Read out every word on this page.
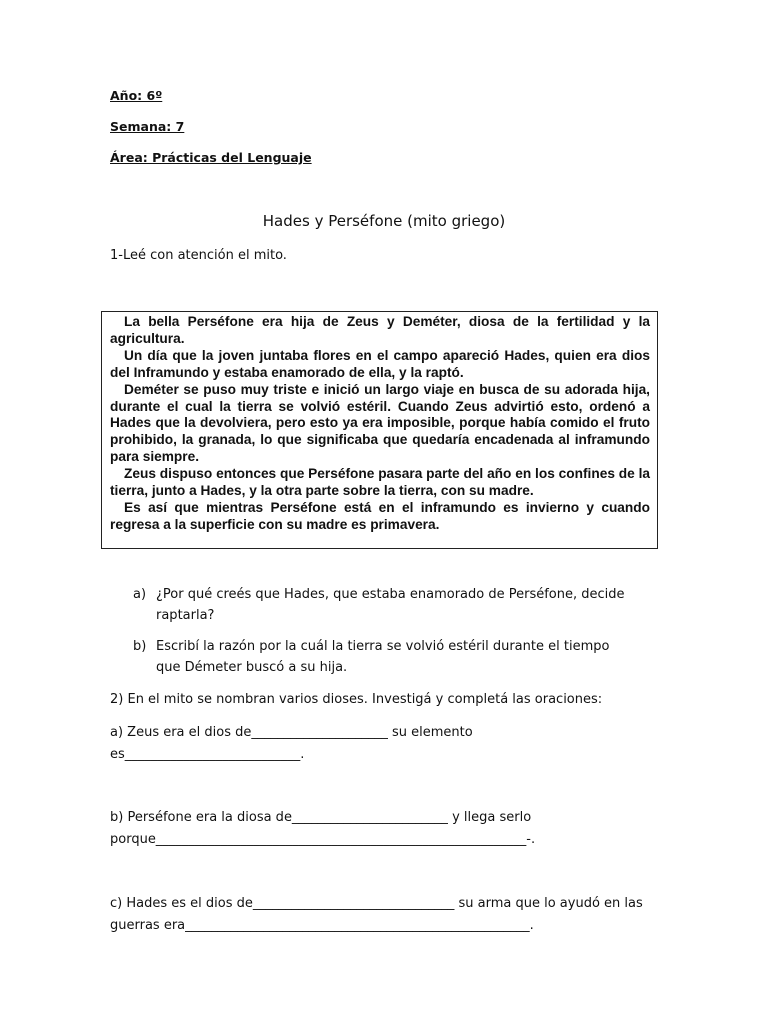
Año: 6º
Semana: 7
Área: Prácticas del Lenguaje
Hades y Perséfone (mito griego)
1-Leé con atención el mito.

La bella Perséfone era hija de Zeus y Deméter, diosa de la fertilidad y la agricultura.

Un día que la joven juntaba flores en el campo apareció Hades, quien era dios del Inframundo y estaba enamorado de ella, y la raptó.

Deméter se puso muy triste e inició un largo viaje en busca de su adorada hija, durante el cual la tierra se volvió estéril. Cuando Zeus advirtió esto, ordenó a Hades que la devolviera, pero esto ya era imposible, porque había comido el fruto prohibido, la granada, lo que significaba que quedaría encadenada al inframundo para siempre.

Zeus dispuso entonces que Perséfone pasara parte del año en los confines de la tierra, junto a Hades, y la otra parte sobre la tierra, con su madre.

Es así que mientras Perséfone está en el inframundo es invierno y cuando regresa a la superficie con su madre es primavera.

a) ¿Por qué creés que Hades, que estaba enamorado de Perséfone, decide raptarla?
b) Escribí la razón por la cuál la tierra se volvió estéril durante el tiempo que Démeter buscó a su hija.
2) En el mito se nombran varios dioses. Investigá y completá las oraciones:
a) Zeus era el dios de_____________________ su elemento
es___________________________.
b) Perséfone era la diosa de________________________ y llega serlo
porque_________________________________________________________-.
c) Hades es el dios de_______________________________ su arma que lo ayudó en las
guerras era_____________________________________________________.
